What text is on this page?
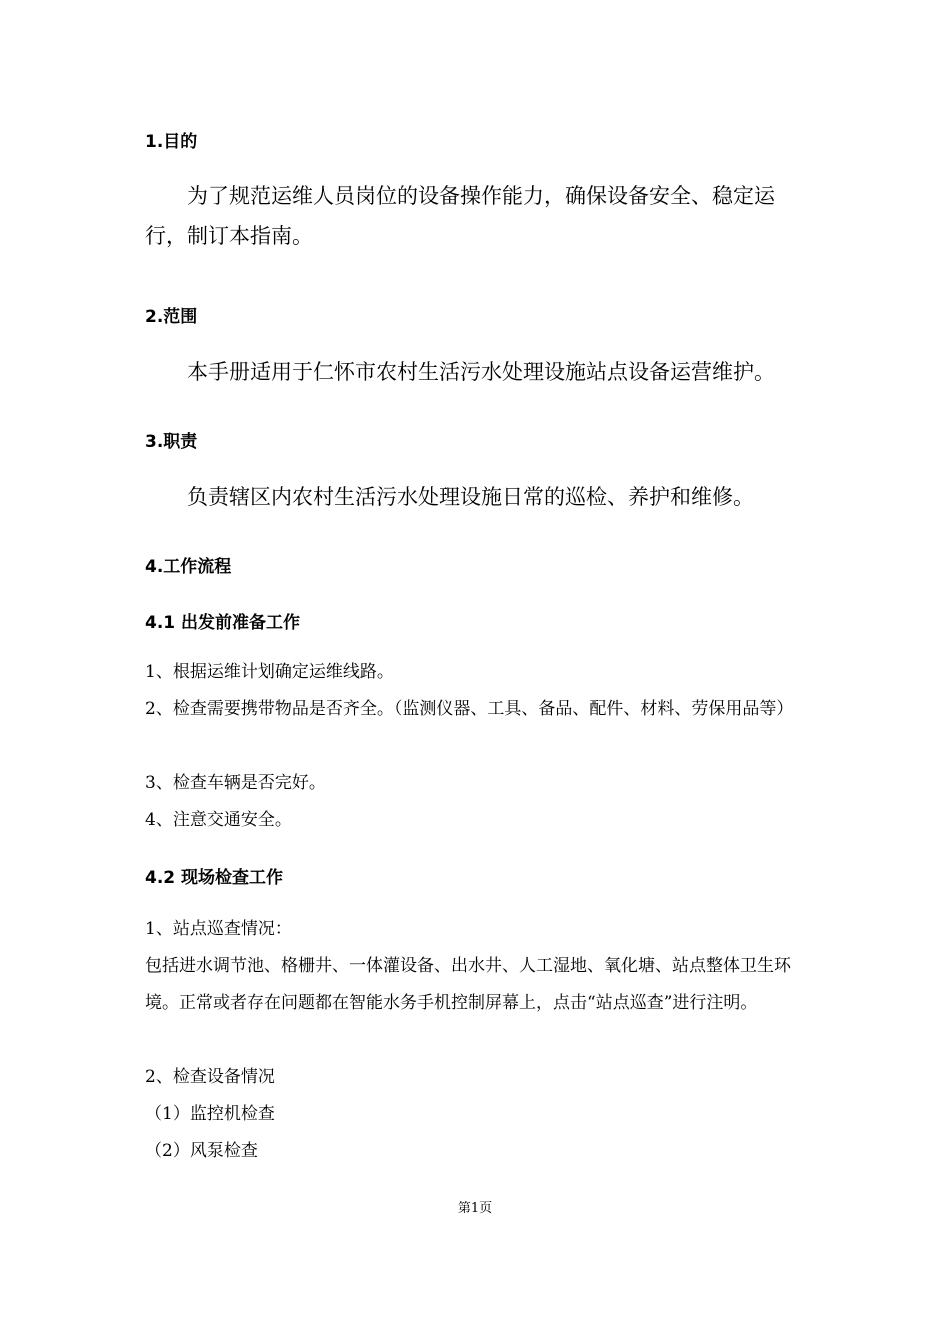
1.目的
为了规范运维人员岗位的设备操作能力，确保设备安全、稳定运行，制订本指南。
2.范围
本手册适用于仁怀市农村生活污水处理设施站点设备运营维护。
3.职责
负责辖区内农村生活污水处理设施日常的巡检、养护和维修。
4.工作流程
4.1 出发前准备工作
1、根据运维计划确定运维线路。
2、检查需要携带物品是否齐全。（监测仪器、工具、备品、配件、材料、劳保用品等）
3、检查车辆是否完好。
4、注意交通安全。
4.2 现场检查工作
1、站点巡查情况：
包括进水调节池、格栅井、一体灌设备、出水井、人工湿地、氧化塘、站点整体卫生环境。正常或者存在问题都在智能水务手机控制屏幕上，点击“站点巡查”进行注明。
2、检查设备情况
（1）监控机检查
（2）风泵检查
第1页
